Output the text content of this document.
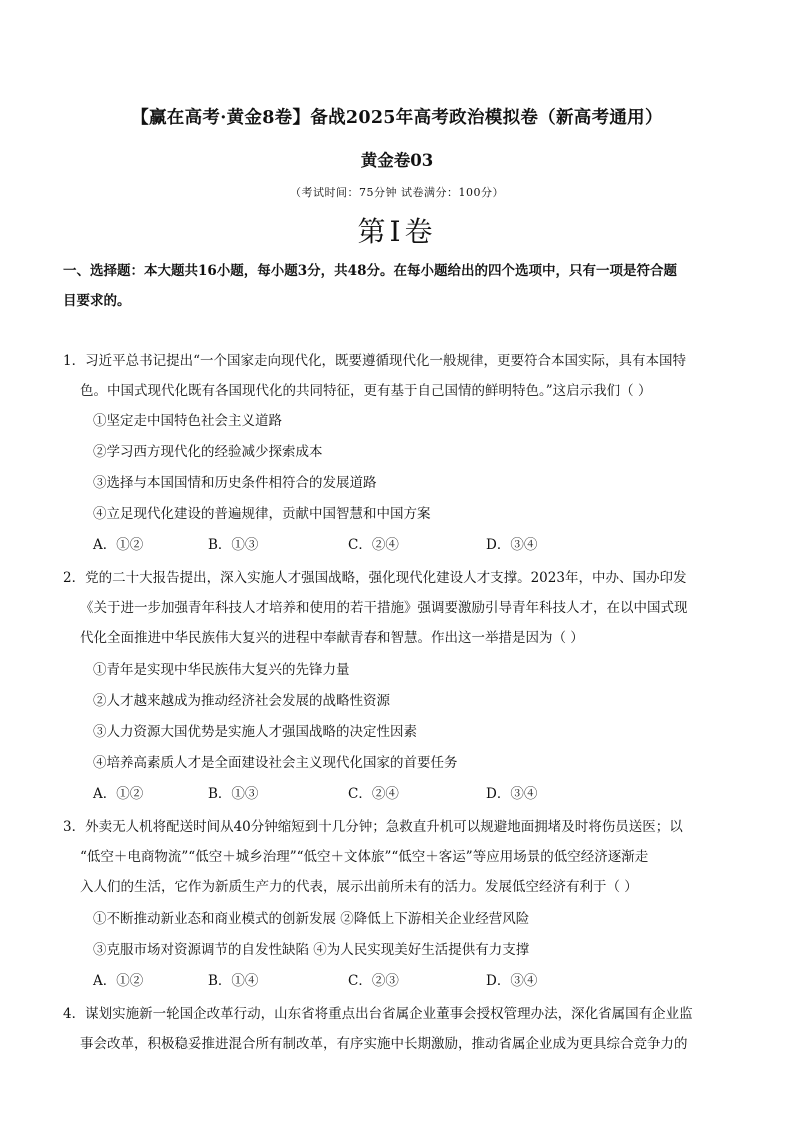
【赢在高考·黄金8卷】备战2025年高考政治模拟卷（新高考通用）
黄金卷03
（考试时间：75分钟 试卷满分：100分）
第Ⅰ卷
一、选择题：本大题共16小题，每小题3分，共48分。在每小题给出的四个选项中，只有一项是符合题
目要求的。
1．习近平总书记提出“一个国家走向现代化，既要遵循现代化一般规律，更要符合本国实际，具有本国特
色。中国式现代化既有各国现代化的共同特征，更有基于自己国情的鲜明特色。”这启示我们（ ）
①坚定走中国特色社会主义道路
②学习西方现代化的经验减少探索成本
③选择与本国国情和历史条件相符合的发展道路
④立足现代化建设的普遍规律，贡献中国智慧和中国方案
A．①②	B．①③	C．②④	D．③④
2．党的二十大报告提出，深入实施人才强国战略，强化现代化建设人才支撑。2023年，中办、国办印发
《关于进一步加强青年科技人才培养和使用的若干措施》强调要激励引导青年科技人才，在以中国式现
代化全面推进中华民族伟大复兴的进程中奉献青春和智慧。作出这一举措是因为（ ）
①青年是实现中华民族伟大复兴的先锋力量
②人才越来越成为推动经济社会发展的战略性资源
③人力资源大国优势是实施人才强国战略的决定性因素
④培养高素质人才是全面建设社会主义现代化国家的首要任务
A．①②	B．①③	C．②④	D．③④
3．外卖无人机将配送时间从40分钟缩短到十几分钟；急救直升机可以规避地面拥堵及时将伤员送医；以
“低空＋电商物流”“低空＋城乡治理”“低空＋文体旅”“低空＋客运”等应用场景的低空经济逐渐走
入人们的生活，它作为新质生产力的代表，展示出前所未有的活力。发展低空经济有利于（ ）
①不断推动新业态和商业模式的创新发展 ②降低上下游相关企业经营风险
③克服市场对资源调节的自发性缺陷 ④为人民实现美好生活提供有力支撑
A．①②	B．①④	C．②③	D．③④
4．谋划实施新一轮国企改革行动，山东省将重点出台省属企业董事会授权管理办法，深化省属国有企业监
事会改革，积极稳妥推进混合所有制改革，有序实施中长期激励，推动省属企业成为更具综合竞争力的
